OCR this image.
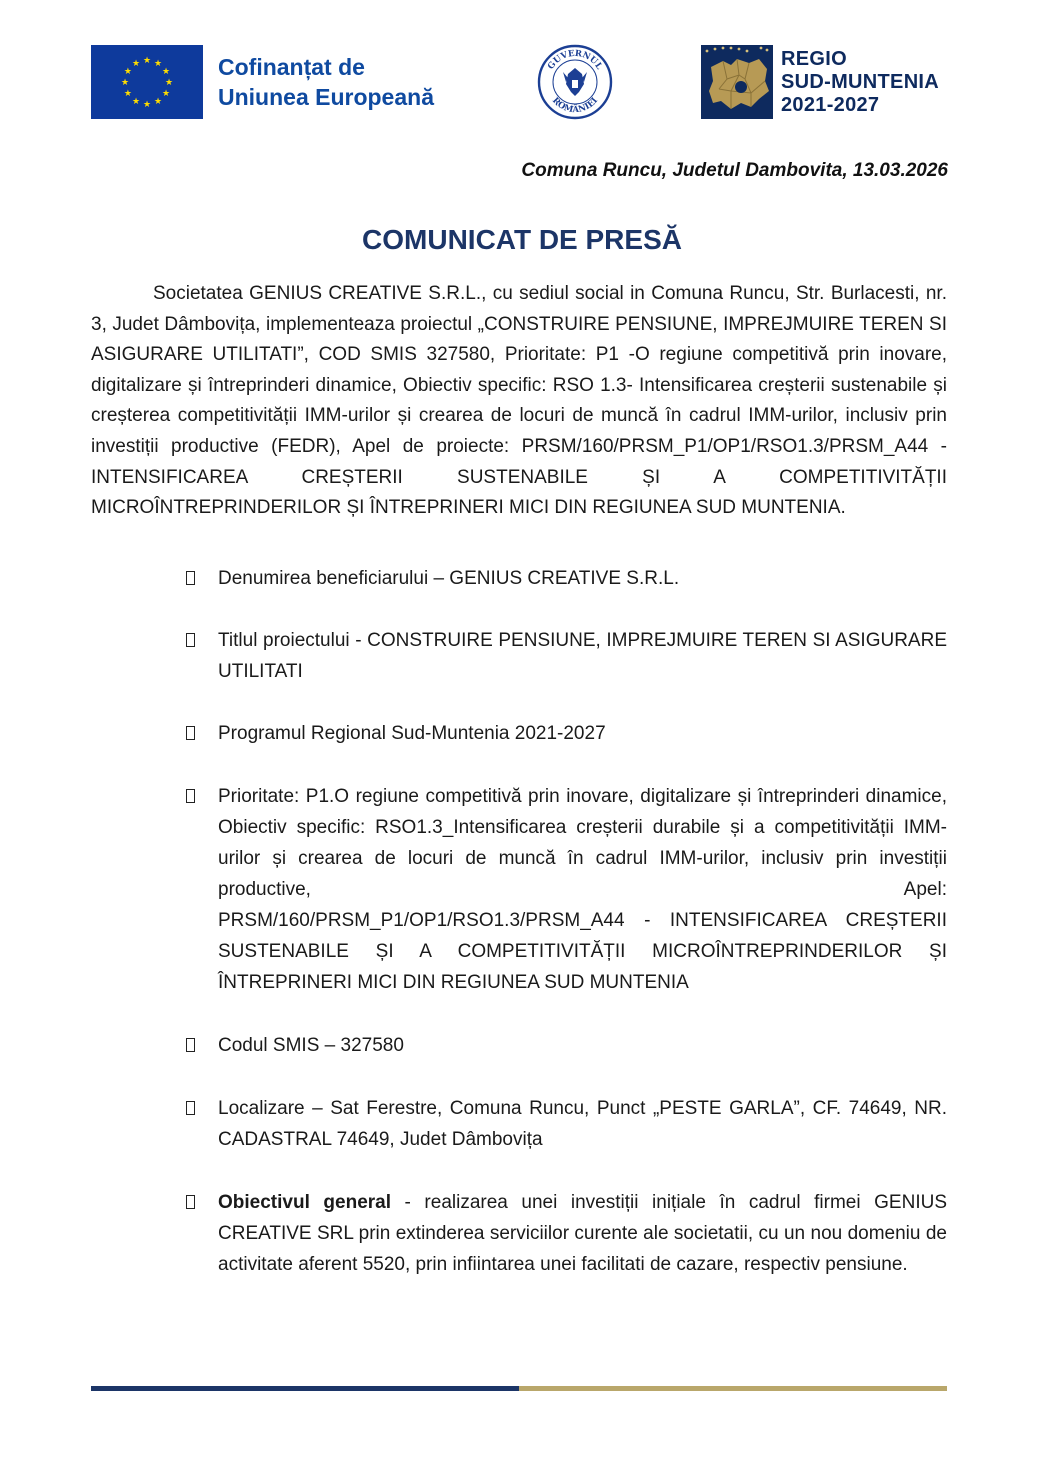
★ ★
★
★
★
★
★
★
★
★
★
★	Cofinanțat de
Uniunea Europeană
GUVERNUL
ROMÂNIEI
REGIO
SUD-MUNTENIA
2021-2027
Comuna Runcu, Judetul Dambovita, 13.03.2026
COMUNICAT DE PRESĂ

Societatea GENIUS CREATIVE S.R.L., cu sediul social in Comuna Runcu, Str. Burlacesti, nr. 3, Judet Dâmbovița, implementeaza proiectul „CONSTRUIRE PENSIUNE, IMPREJMUIRE TEREN SI ASIGURARE UTILITATI”, COD SMIS 327580, Prioritate: P1 -O regiune competitivă prin inovare, digitalizare și întreprinderi dinamice, Obiectiv specific: RSO 1.3- Intensificarea creșterii sustenabile și creșterea competitivității IMM-urilor și crearea de locuri de muncă în cadrul IMM-urilor, inclusiv prin investiții productive (FEDR), Apel de proiecte: PRSM/160/PRSM_P1/OP1/RSO1.3/PRSM_A44 - INTENSIFICAREA CREȘTERII SUSTENABILE ȘI A COMPETITIVITĂȚII MICROÎNTREPRINDERILOR ȘI ÎNTREPRINERI MICI DIN REGIUNEA SUD MUNTENIA.

Denumirea beneficiarului – GENIUS CREATIVE S.R.L.
Titlul proiectului - CONSTRUIRE PENSIUNE, IMPREJMUIRE TEREN SI ASIGURARE UTILITATI
Programul Regional Sud-Muntenia 2021-2027
Prioritate: P1.O regiune competitivă prin inovare, digitalizare și întreprinderi dinamice, Obiectiv specific: RSO1.3_Intensificarea creșterii durabile și a competitivității IMM-urilor și crearea de locuri de muncă în cadrul IMM-urilor, inclusiv prin investiții productive, Apel:
PRSM/160/PRSM_P1/OP1/RSO1.3/PRSM_A44 - INTENSIFICAREA CREȘTERII
SUSTENABILE ȘI A COMPETITIVITĂȚII MICROÎNTREPRINDERILOR ȘI
ÎNTREPRINERI MICI DIN REGIUNEA SUD MUNTENIA
Codul SMIS – 327580
Localizare – Sat Ferestre, Comuna Runcu, Punct „PESTE GARLA”, CF. 74649, NR. CADASTRAL 74649, Judet Dâmbovița
Obiectivul general - realizarea unei investiții inițiale în cadrul firmei GENIUS CREATIVE SRL prin extinderea serviciilor curente ale societatii, cu un nou domeniu de activitate aferent 5520, prin infiintarea unei facilitati de cazare, respectiv pensiune.
